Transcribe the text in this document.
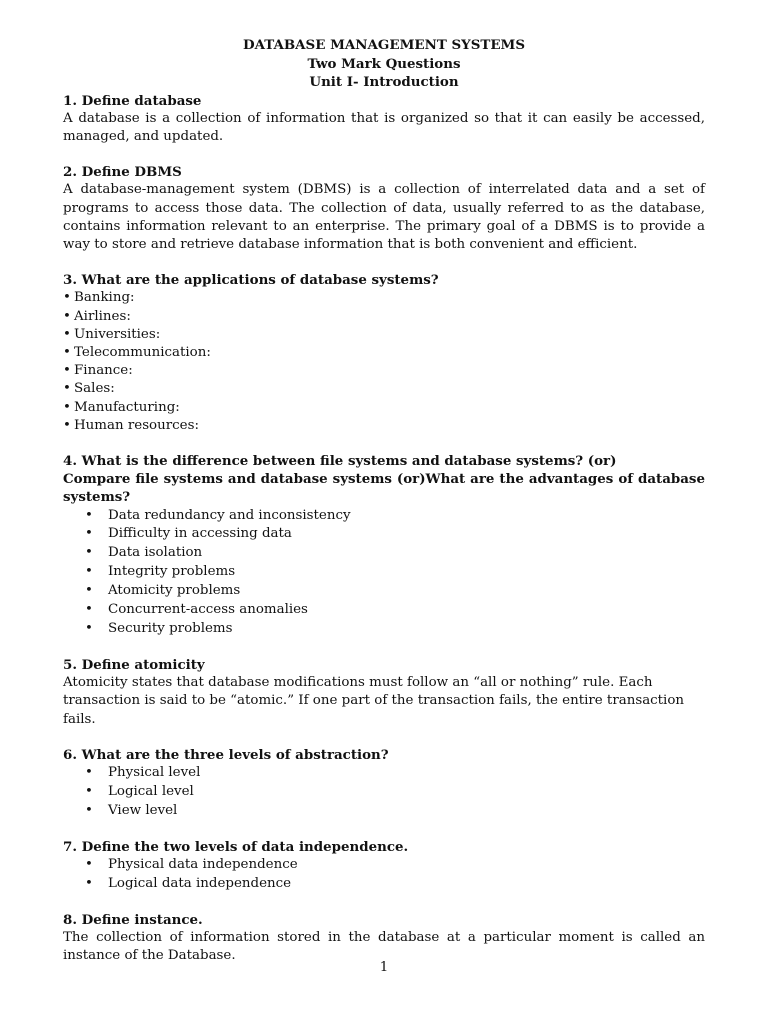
DATABASE MANAGEMENT SYSTEMS
Two Mark Questions
Unit I- Introduction
1. Define database
A database is a collection of information that is organized so that it can easily be accessed, managed, and updated.
2. Define DBMS
A database-management system (DBMS) is a collection of interrelated data and a set of programs to access those data. The collection of data, usually referred to as the database, contains information relevant to an enterprise. The primary goal of a DBMS is to provide a way to store and retrieve database information that is both convenient and efficient.
3. What are the applications of database systems?
• Banking:
• Airlines:
• Universities:
• Telecommunication:
• Finance:
• Sales:
• Manufacturing:
• Human resources:
4. What is the difference between file systems and database systems? (or)
Compare file systems and database systems (or)What are the advantages of database systems?
• Data redundancy and inconsistency
• Difficulty in accessing data
• Data isolation
• Integrity problems
• Atomicity problems
• Concurrent-access anomalies
• Security problems
5. Define atomicity
Atomicity states that database modifications must follow an “all or nothing” rule. Each transaction is said to be “atomic.” If one part of the transaction fails, the entire transaction fails.
6. What are the three levels of abstraction?
• Physical level
• Logical level
• View level
7. Define the two levels of data independence.
• Physical data independence
• Logical data independence
8. Define instance.
The collection of information stored in the database at a particular moment is called an instance of the Database.
1
